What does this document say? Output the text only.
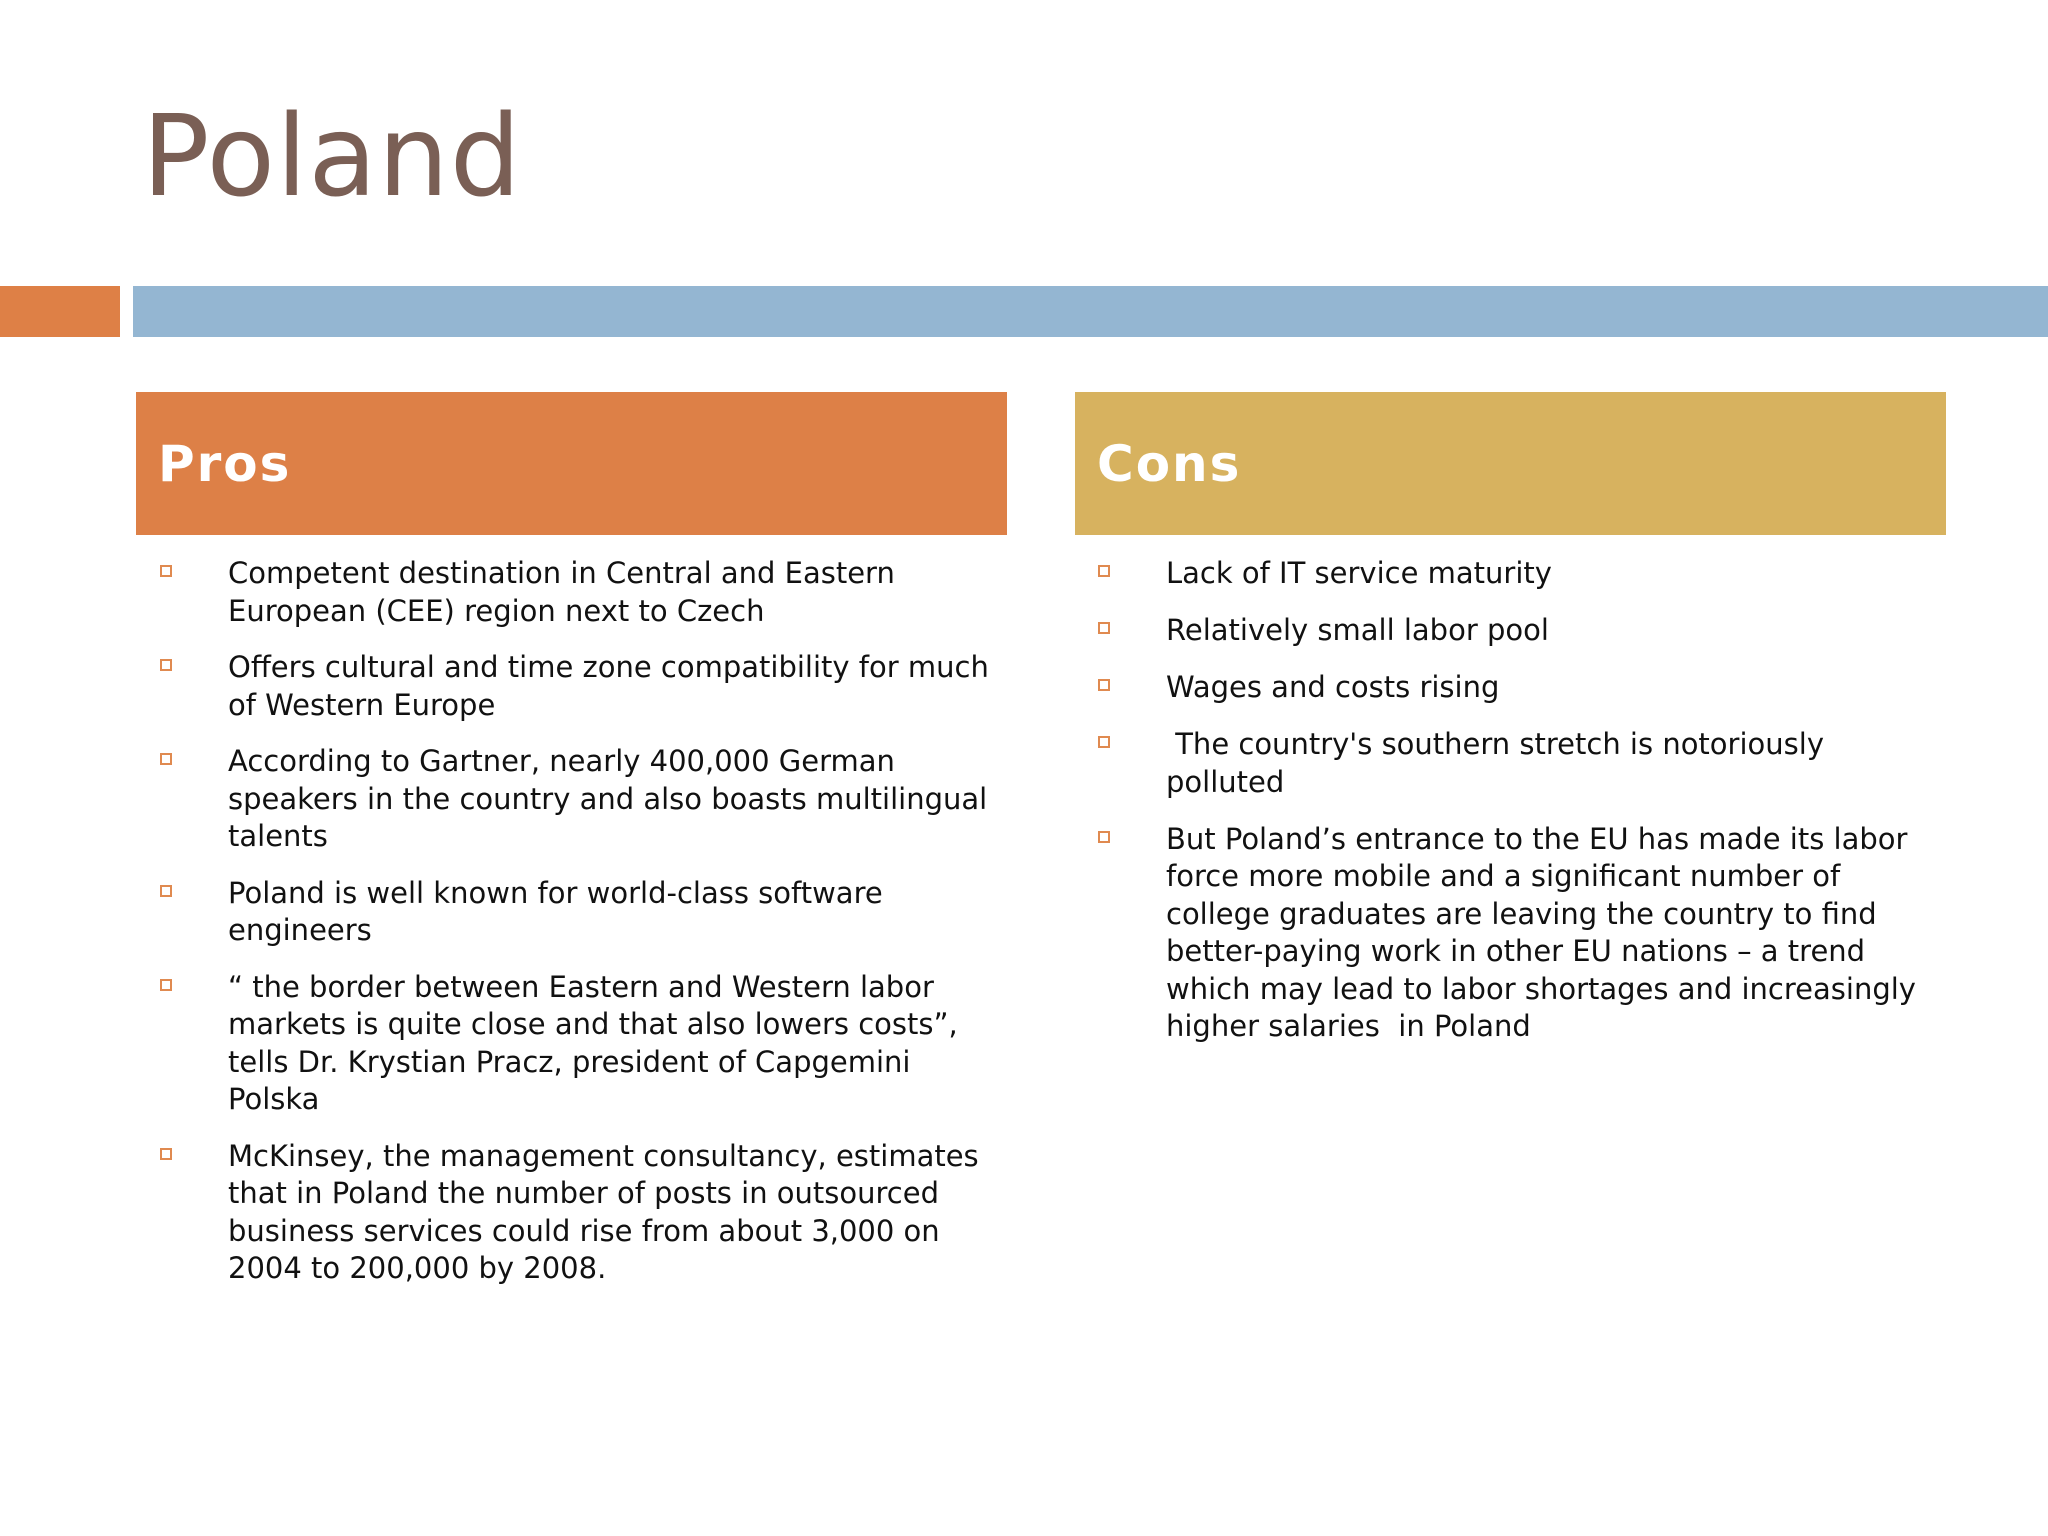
Poland
Pros	Cons
Competent destination in Central and Eastern European (CEE) region next to Czech
Offers cultural and time zone compatibility for much of Western Europe
According to Gartner, nearly 400,000 German speakers in the country and also boasts multilingual talents
Poland is well known for world-class software engineers
“ the border between Eastern and Western labor markets is quite close and that also lowers costs”, tells Dr. Krystian Pracz, president of Capgemini Polska
McKinsey, the management consultancy, estimates that in Poland the number of posts in outsourced business services could rise from about 3,000 on 2004 to 200,000 by 2008.
Lack of IT service maturity
Relatively small labor pool
Wages and costs rising
The country's southern stretch is notoriously polluted
But Poland’s entrance to the EU has made its labor force more mobile and a significant number of college graduates are leaving the country to find better-paying work in other EU nations – a trend which may lead to labor shortages and increasingly higher salaries  in Poland
